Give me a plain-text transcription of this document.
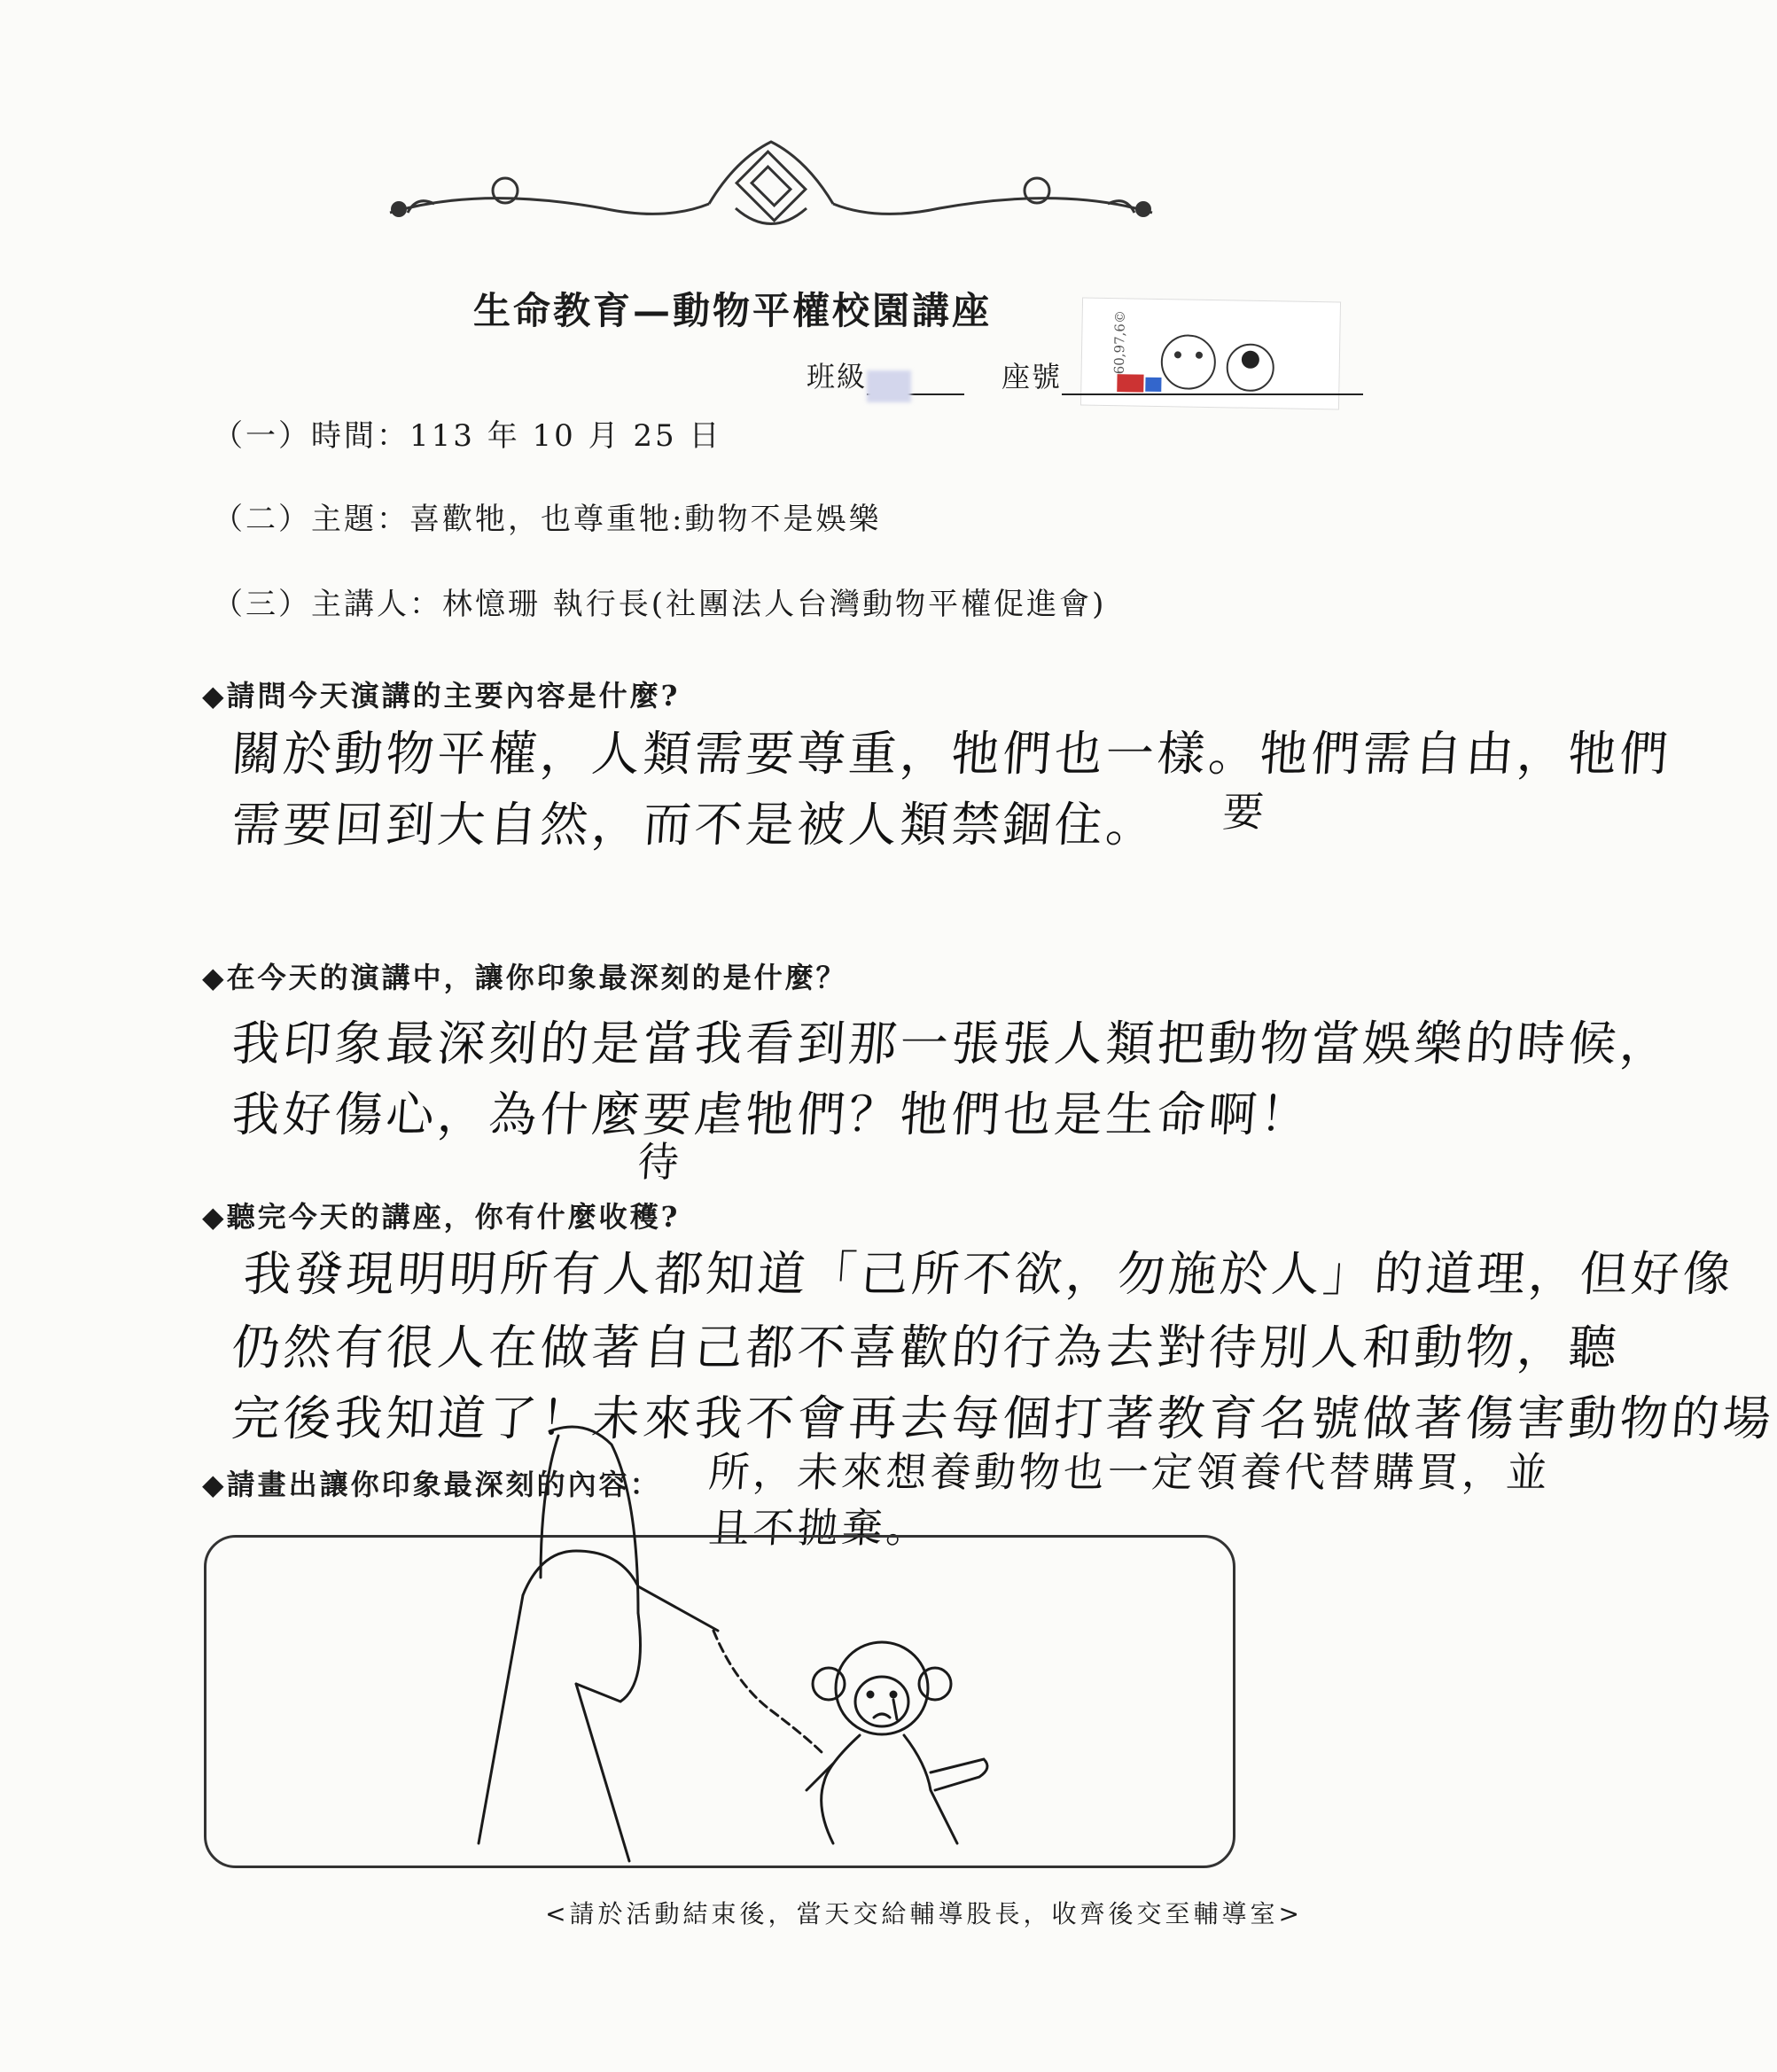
生命教育—動物平權校園講座	60,97,6©
班級	座號
（一）時間：113 年 10 月 25 日
（二）主題：喜歡牠，也尊重牠:動物不是娛樂
（三）主講人：林憶珊 執行長(社團法人台灣動物平權促進會)
◆請問今天演講的主要內容是什麼?
關於動物平權，人類需要尊重，牠們也一樣。牠們需自由，牠們
要
需要回到大自然，而不是被人類禁錮住。
◆在今天的演講中，讓你印象最深刻的是什麼？
我印象最深刻的是當我看到那一張張人類把動物當娛樂的時候，
我好傷心，為什麼要虐牠們？牠們也是生命啊！
待
◆聽完今天的講座，你有什麼收穫?
我發現明明所有人都知道「己所不欲，勿施於人」的道理，但好像
仍然有很人在做著自己都不喜歡的行為去對待別人和動物，聽
完後我知道了！未來我不會再去每個打著教育名號做著傷害動物的場
所，未來想養動物也一定領養代替購買，並
且不拋棄。
◆請畫出讓你印象最深刻的內容：
<請於活動結束後，當天交給輔導股長，收齊後交至輔導室>
